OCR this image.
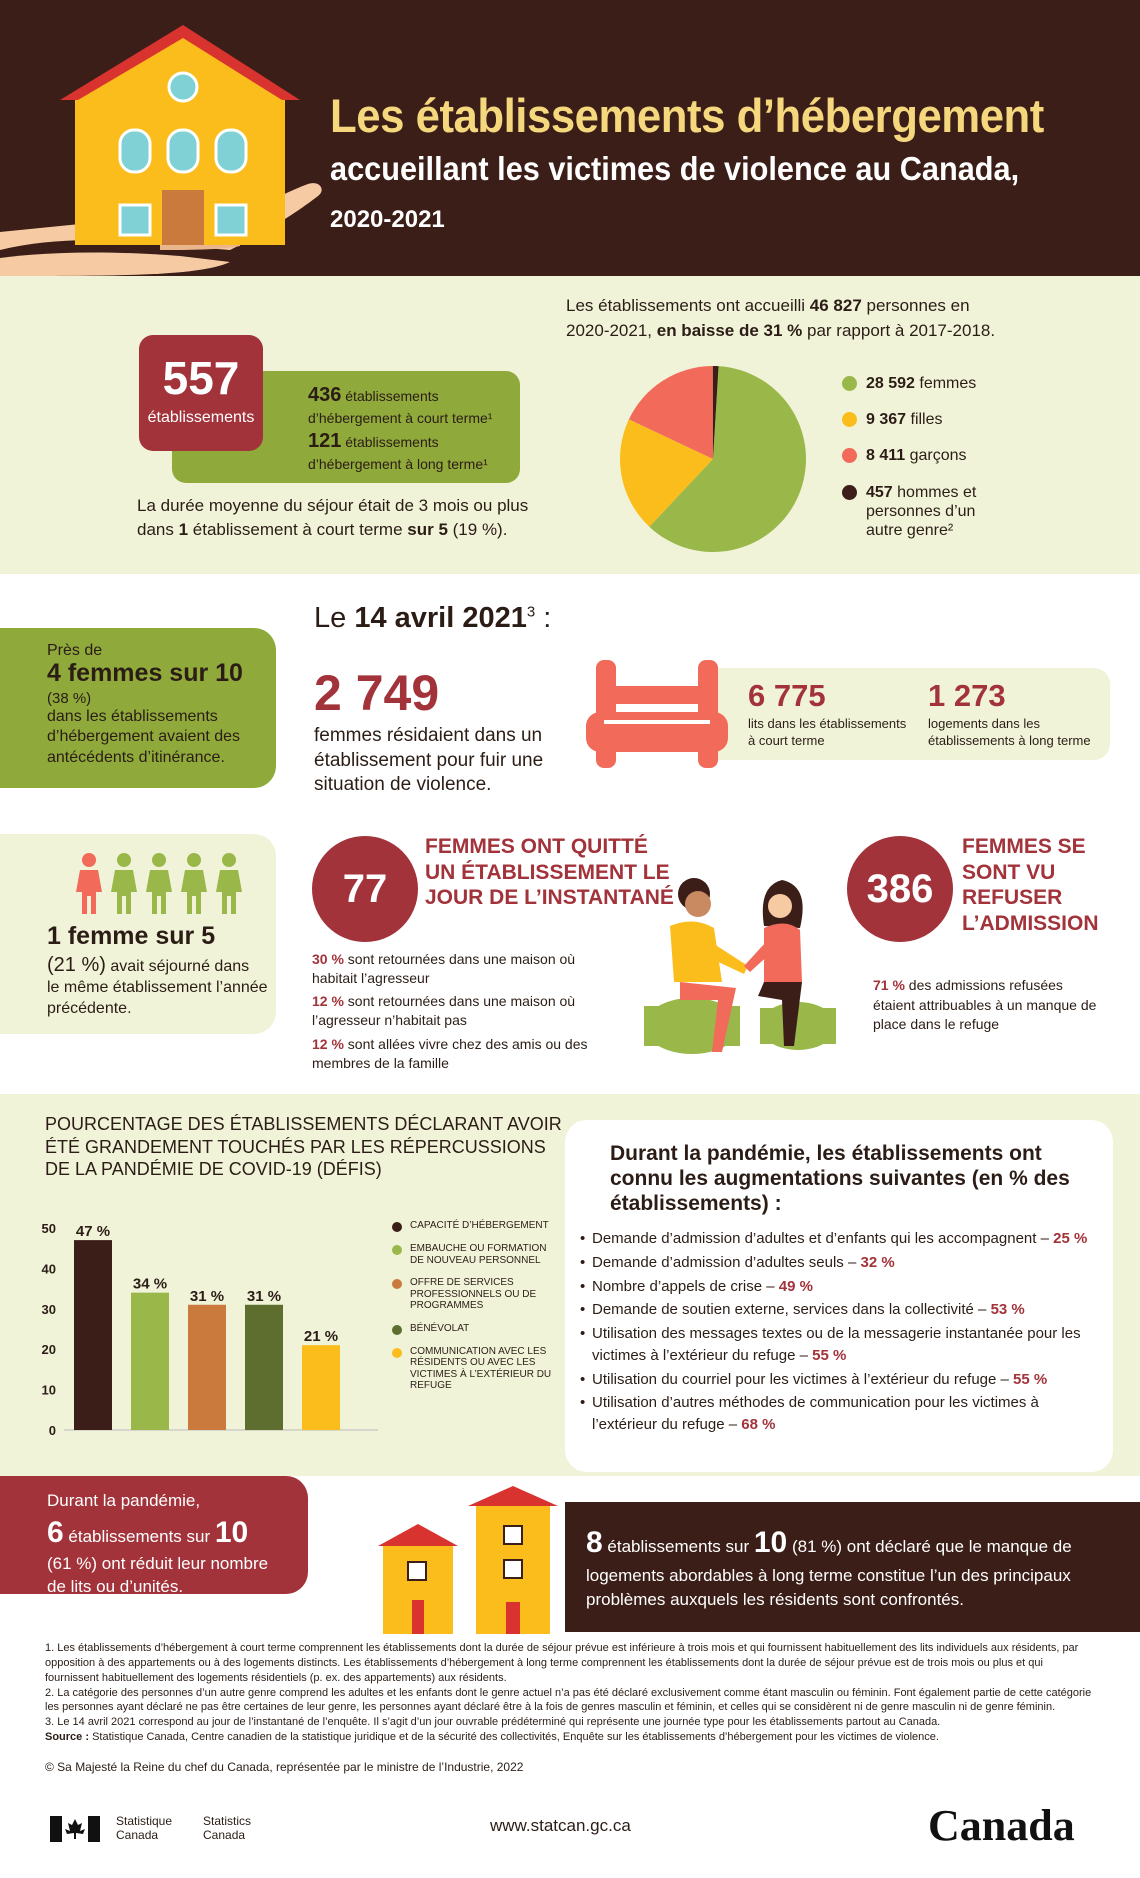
Les établissements d’hébergement
accueillant les victimes de violence au Canada,
2020-2021
557
établissements
436 établissements d’hébergement à court terme¹
121 établissements d’hébergement à long terme¹
La durée moyenne du séjour était de 3 mois ou plus
dans 1 établissement à court terme sur 5 (19 %).
Les établissements ont accueilli 46 827 personnes en
2020-2021, en baisse de 31 % par rapport à 2017-2018.
28 592 femmes
9 367 filles
8 411 garçons
457 hommes et personnes d’un autre genre²
Près de
4 femmes sur 10
(38 %)
dans les établissements d’hébergement avaient des antécédents d’itinérance.
Le 14 avril 2021$^3$ :
2 749
femmes résidaient dans un établissement pour fuir une situation de violence.
6 775
lits dans les établissements à court terme
1 273
logements dans les établissements à long terme
1 femme sur 5
(21 %) avait séjourné dans
le même établissement l’année précédente.
77
FEMMES ONT QUITTÉ UN ÉTABLISSEMENT LE JOUR DE L’INSTANTANÉ
30 % sont retournées dans une maison où habitait l’agresseur
12 % sont retournées dans une maison où l’agresseur n’habitait pas
12 % sont allées vivre chez des amis ou des membres de la famille
386
FEMMES SE SONT VU REFUSER L’ADMISSION
71 % des admissions refusées étaient attribuables à un manque de place dans le refuge
POURCENTAGE DES ÉTABLISSEMENTS DÉCLARANT AVOIR ÉTÉ GRANDEMENT TOUCHÉS PAR LES RÉPERCUSSIONS DE LA PANDÉMIE DE COVID-19 (DÉFIS)
50
40
30
20
10
0
47 %
34 %
31 % 31 %
21 %
CAPACITÉ D’HÉBERGEMENT
EMBAUCHE OU FORMATION DE NOUVEAU PERSONNEL
OFFRE DE SERVICES PROFESSIONNELS OU DE PROGRAMMES
BÉNÉVOLAT
COMMUNICATION AVEC LES RÉSIDENTS OU AVEC LES VICTIMES À L’EXTÉRIEUR DU REFUGE
Durant la pandémie, les établissements ont connu les augmentations suivantes (en % des établissements) :
• Demande d’admission d’adultes et d’enfants qui les accompagnent – 25 %
• Demande d’admission d’adultes seuls – 32 %
• Nombre d’appels de crise – 49 %
• Demande de soutien externe, services dans la collectivité – 53 %
• Utilisation des messages textes ou de la messagerie instantanée pour les victimes à l’extérieur du refuge – 55 %
• Utilisation du courriel pour les victimes à l’extérieur du refuge – 55 %
• Utilisation d’autres méthodes de communication pour les victimes à l’extérieur du refuge – 68 %
Durant la pandémie,
6 établissements sur 10
(61 %) ont réduit leur nombre de lits ou d’unités.
8 établissements sur 10 (81 %) ont déclaré que le manque de logements abordables à long terme constitue l’un des principaux problèmes auxquels les résidents sont confrontés.

1. Les établissements d’hébergement à court terme comprennent les établissements dont la durée de séjour prévue est inférieure à trois mois et qui fournissent habituellement des lits individuels aux résidents, par opposition à des appartements ou à des logements distincts. Les établissements d’hébergement à long terme comprennent les établissements dont la durée de séjour prévue est de trois mois ou plus et qui fournissent habituellement des logements résidentiels (p. ex. des appartements) aux résidents.

2. La catégorie des personnes d’un autre genre comprend les adultes et les enfants dont le genre actuel n’a pas été déclaré exclusivement comme étant masculin ou féminin. Font également partie de cette catégorie les personnes ayant déclaré ne pas être certaines de leur genre, les personnes ayant déclaré être à la fois de genres masculin et féminin, et celles qui se considèrent ni de genre masculin ni de genre féminin.

3. Le 14 avril 2021 correspond au jour de l’instantané de l’enquête. Il s’agit d’un jour ouvrable prédéterminé qui représente une journée type pour les établissements partout au Canada.

Source : Statistique Canada, Centre canadien de la statistique juridique et de la sécurité des collectivités, Enquête sur les établissements d’hébergement pour les victimes de violence.

© Sa Majesté la Reine du chef du Canada, représentée par le ministre de l’Industrie, 2022
Statistique
Canada
Statistics
Canada
www.statcan.gc.ca	Canada
